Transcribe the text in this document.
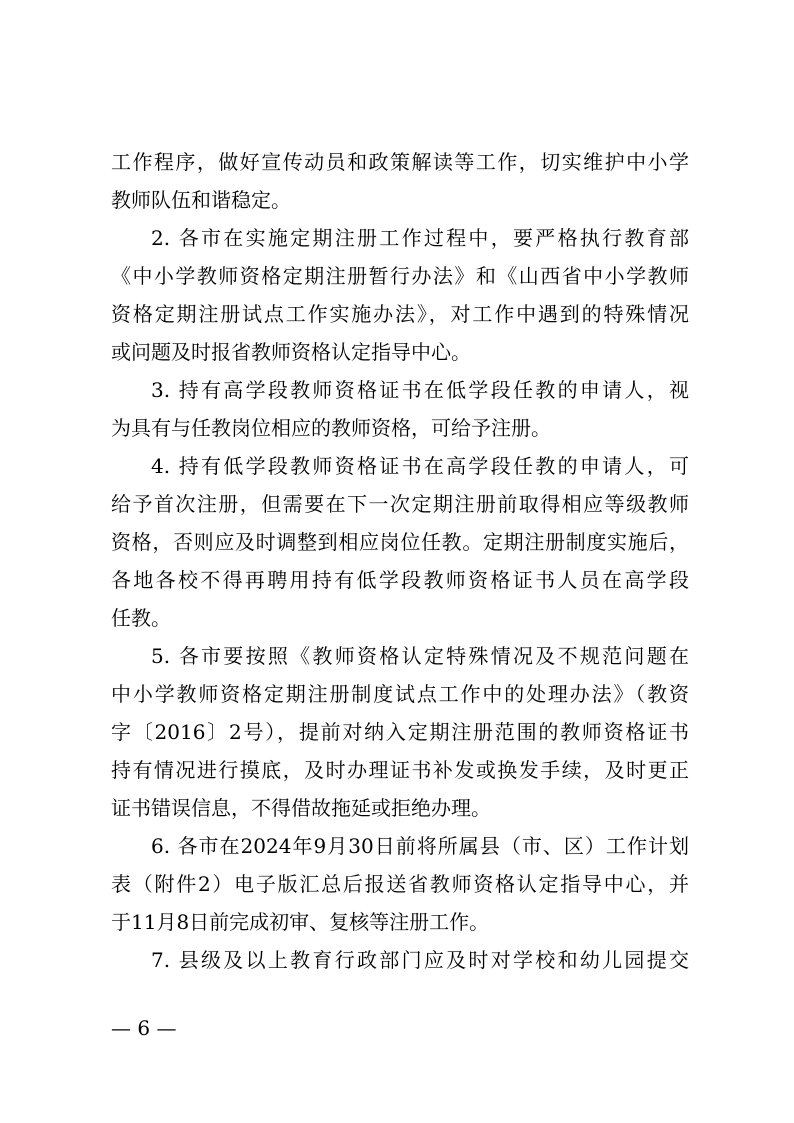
工作程序，做好宣传动员和政策解读等工作，切实维护中小学
教师队伍和谐稳定。
2. 各市在实施定期注册工作过程中，要严格执行教育部
《中小学教师资格定期注册暂行办法》和《山西省中小学教师
资格定期注册试点工作实施办法》，对工作中遇到的特殊情况
或问题及时报省教师资格认定指导中心。
3. 持有高学段教师资格证书在低学段任教的申请人，视
为具有与任教岗位相应的教师资格，可给予注册。
4. 持有低学段教师资格证书在高学段任教的申请人，可
给予首次注册，但需要在下一次定期注册前取得相应等级教师
资格，否则应及时调整到相应岗位任教。定期注册制度实施后，
各地各校不得再聘用持有低学段教师资格证书人员在高学段
任教。
5. 各市要按照《教师资格认定特殊情况及不规范问题在
中小学教师资格定期注册制度试点工作中的处理办法》（教资
字〔2016〕2号），提前对纳入定期注册范围的教师资格证书
持有情况进行摸底，及时办理证书补发或换发手续，及时更正
证书错误信息，不得借故拖延或拒绝办理。
6. 各市在2024年9月30日前将所属县（市、区）工作计划
表（附件2）电子版汇总后报送省教师资格认定指导中心，并
于11月8日前完成初审、复核等注册工作。
7. 县级及以上教育行政部门应及时对学校和幼儿园提交
— 6 —
